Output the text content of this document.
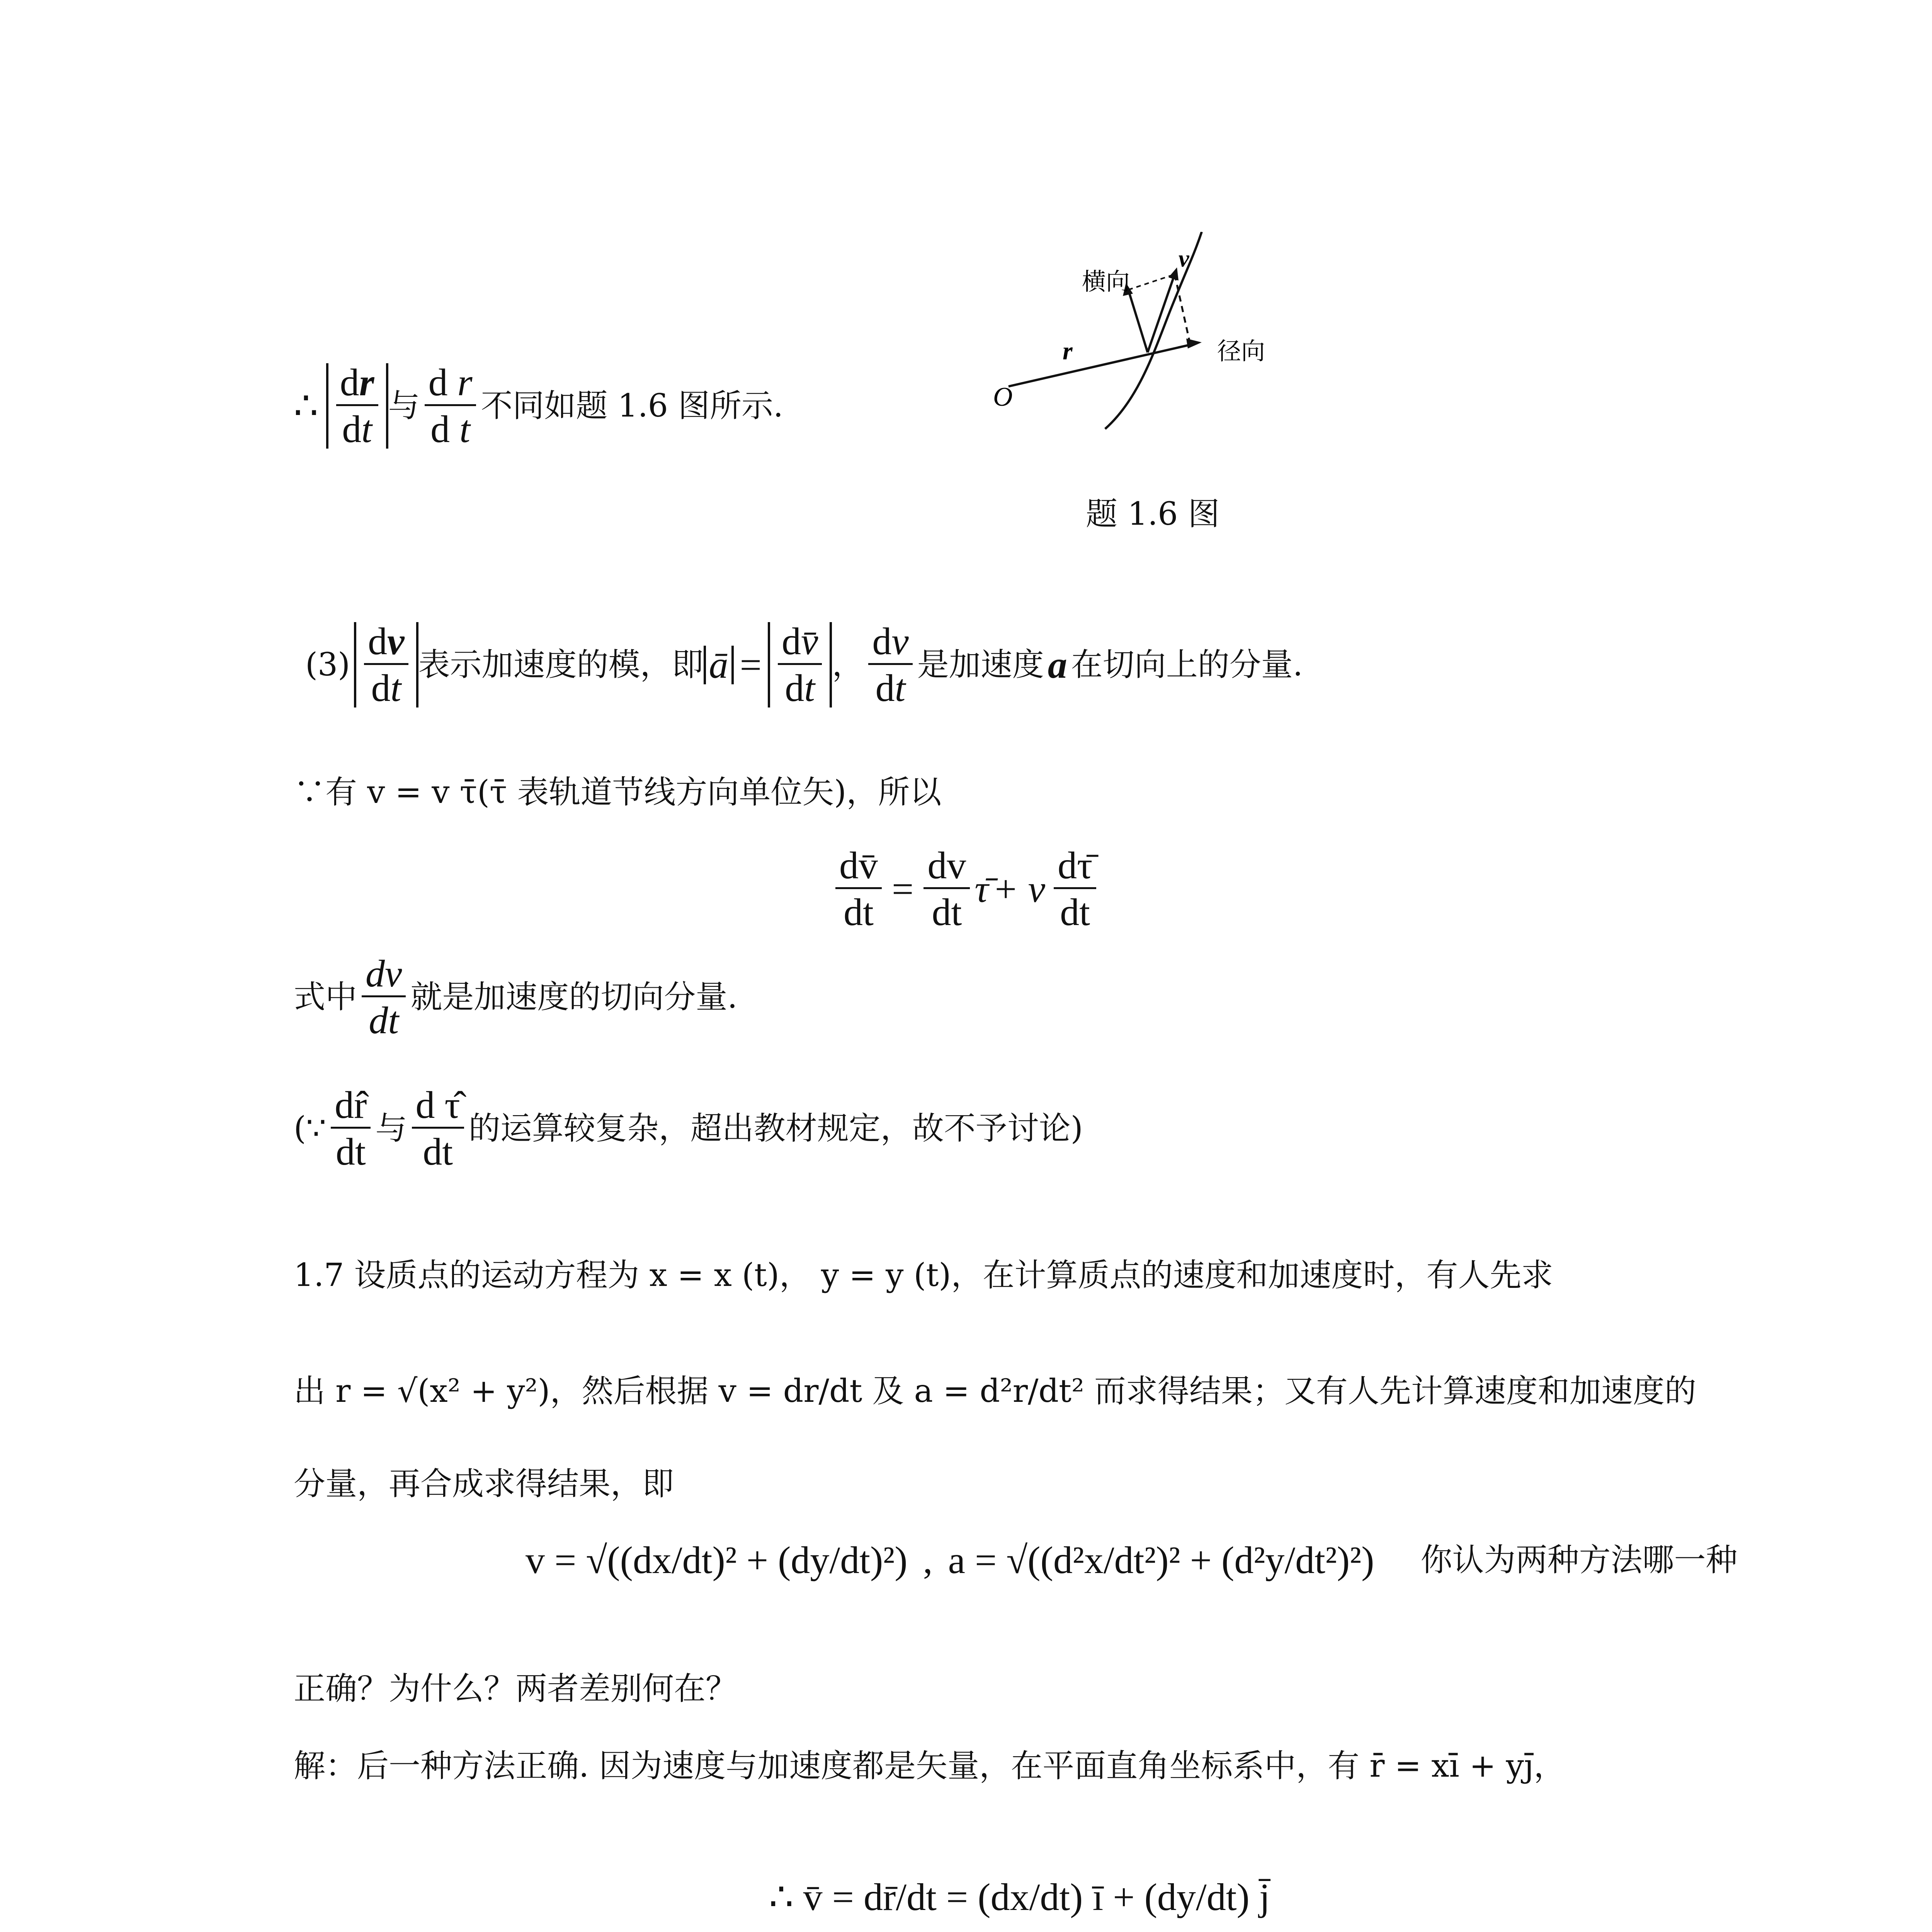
O
r
v
横向
径向
题 1.6 图
∴ $\frac{dr}{dt}$ 与 $\frac{\text{d r}}{\text{d t}}$ 不同如题 1.6 图所示.
$(3) \frac{dv}{dt}$ 表示加速度的模，即 ā = $\frac{dv̄}{dt}$ ， $\frac{dv}{dt}$ 是加速度 a 在切向上的分量.
∵有 v = v τ̄(τ̄ 表轨道节线方向单位矢)，所以
$\frac{dv̄}{dt} = \frac{dv}{dt}$ τ̄ + v $\frac{d\taū}{dt}$
式中 $\frac{dv}{dt}$ 就是加速度的切向分量.
(∵ $\frac{dr̂}{dt}$ 与 $\frac{\text{d τ̂}}{dt}$ 的运算较复杂，超出教材规定，故不予讨论)
1.7 设质点的运动方程为 x = x (t)， y = y (t)，在计算质点的速度和加速度时，有人先求
出 r = √(x² + y²)，然后根据 v = dr/dt 及 a = d²r/dt² 而求得结果；又有人先计算速度和加速度的
分量，再合成求得结果，即
v = √((dx/dt)² + (dy/dt)²) , a = √((d²x/dt²)² + (d²y/dt²)²) 你认为两种方法哪一种
正确？为什么？两者差别何在？
解：后一种方法正确. 因为速度与加速度都是矢量，在平面直角坐标系中，有 r̄ = xī + yj̄，
∴ v̄ = dr̄/dt = (dx/dt) ī + (dy/dt) j̄
